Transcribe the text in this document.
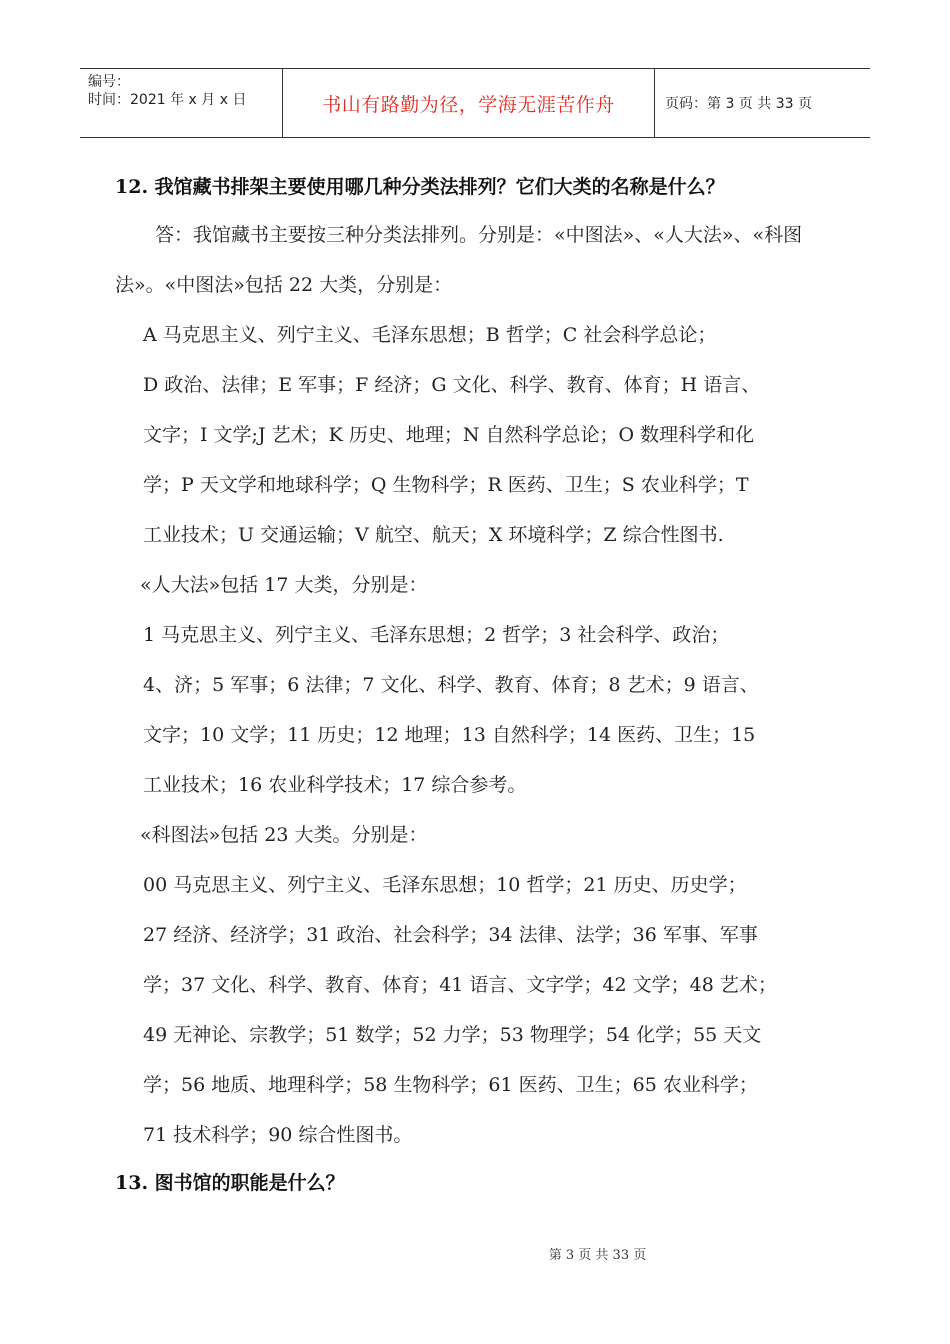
编号：
时间：2021 年 x 月 x 日	书山有路勤为径，学海无涯苦作舟	页码：第 3 页 共 33 页
12. 我馆藏书排架主要使用哪几种分类法排列？它们大类的名称是什么？

答：我馆藏书主要按三种分类法排列。分别是：«中图法»、«人大法»、«科图法»。«中图法»包括 22 大类，分别是：

A 马克思主义、列宁主义、毛泽东思想；B 哲学；C 社会科学总论；
D 政治、法律；E 军事；F 经济；G 文化、科学、教育、体育；H 语言、
文字；I 文学;J 艺术；K 历史、地理；N 自然科学总论；O 数理科学和化
学；P 天文学和地球科学；Q 生物科学；R 医药、卫生；S 农业科学；T
工业技术；U 交通运输；V 航空、航天；X 环境科学；Z 综合性图书.
«人大法»包括 17 大类，分别是：
1 马克思主义、列宁主义、毛泽东思想；2 哲学；3 社会科学、政治；
4、济；5 军事；6 法律；7 文化、科学、教育、体育；8 艺术；9 语言、
文字；10 文学；11 历史；12 地理；13 自然科学；14 医药、卫生；15
工业技术；16 农业科学技术；17 综合参考。
«科图法»包括 23 大类。分别是：
00 马克思主义、列宁主义、毛泽东思想；10 哲学；21 历史、历史学；
27 经济、经济学；31 政治、社会科学；34 法律、法学；36 军事、军事
学；37 文化、科学、教育、体育；41 语言、文字学；42 文学；48 艺术；
49 无神论、宗教学；51 数学；52 力学；53 物理学；54 化学；55 天文
学；56 地质、地理科学；58 生物科学；61 医药、卫生；65 农业科学；
71 技术科学；90 综合性图书。
13. 图书馆的职能是什么？
第 3 页 共 33 页
